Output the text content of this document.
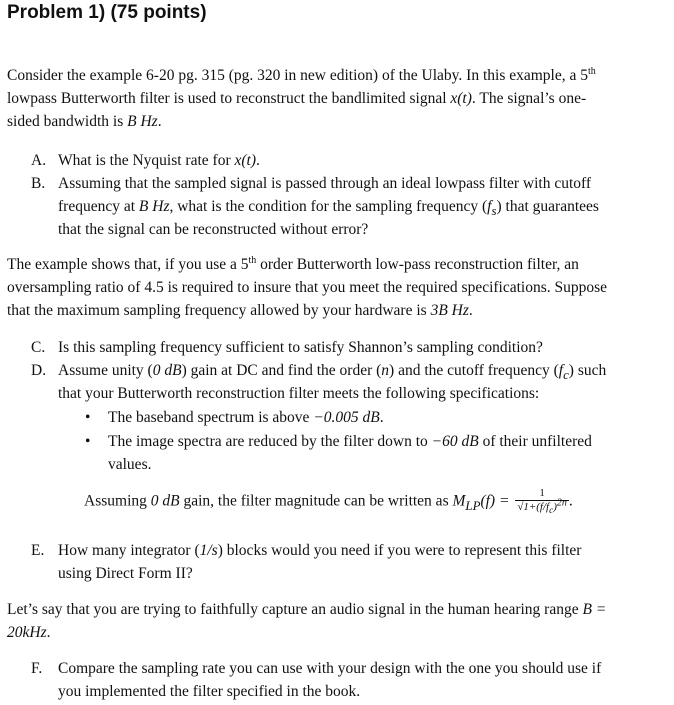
Problem 1) (75 points)
Consider the example 6-20 pg. 315 (pg. 320 in new edition) of the Ulaby. In this example, a 5th
lowpass Butterworth filter is used to reconstruct the bandlimited signal x(t). The signal’s one-
sided bandwidth is B Hz.
A. What is the Nyquist rate for x(t).
B. Assuming that the sampled signal is passed through an ideal lowpass filter with cutoff
frequency at B Hz, what is the condition for the sampling frequency $(f_s)$ that guarantees
that the signal can be reconstructed without error?
The example shows that, if you use a 5th order Butterworth low-pass reconstruction filter, an
oversampling ratio of 4.5 is required to insure that you meet the required specifications. Suppose
that the maximum sampling frequency allowed by your hardware is 3B Hz.
C. Is this sampling frequency sufficient to satisfy Shannon’s sampling condition?
D. Assume unity (0 dB) gain at DC and find the order (n) and the cutoff frequency $(f_c)$ such
that your Butterworth reconstruction filter meets the following specifications:
• The baseband spectrum is above −0.005 dB.
• The image spectra are reduced by the filter down to −60 dB of their unfiltered
values.
Assuming 0 dB gain, the filter magnitude can be written as $M_{LP}(f) = \frac{1}{√1+(f/f_c)^{2n}}$ .
E. How many integrator (1/s) blocks would you need if you were to represent this filter
using Direct Form II?
Let’s say that you are trying to faithfully capture an audio signal in the human hearing range B =
20kHz.
F. Compare the sampling rate you can use with your design with the one you should use if
you implemented the filter specified in the book.
